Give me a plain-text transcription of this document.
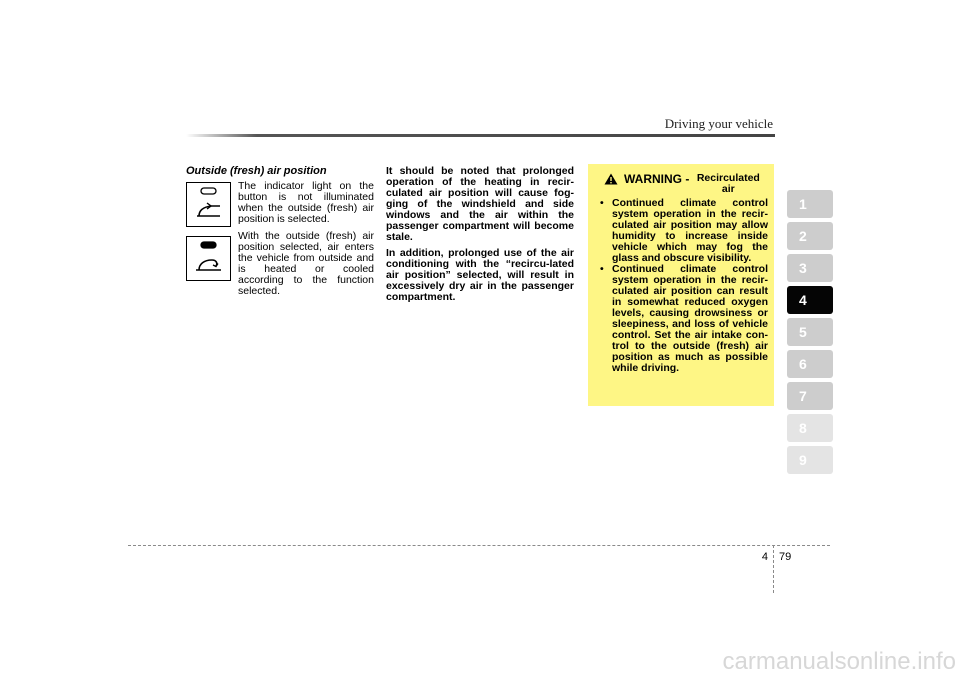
Driving your vehicle
Outside (fresh) air position

The indicator light on the button is not illuminated when the outside (fresh) air position is selected.

With the outside (fresh) air position selected, air enters the vehicle from outside and is heated or cooled according to the function selected.

It should be noted that prolonged operation of the heating in recir-culated air position will cause fog-ging of the windshield and side windows and the air within the passenger compartment will become stale.

In addition, prolonged use of the air conditioning with the “recircu-lated air position” selected, will result in excessively dry air in the passenger compartment.

WARNING - Recirculated air
• Continued climate control system operation in the recir-culated air position may allow humidity to increase inside vehicle which may fog the glass and obscure visibility.
• Continued climate control system operation in the recir-culated air position can result in somewhat reduced oxygen levels, causing drowsiness or sleepiness, and loss of vehicle control. Set the air intake con-trol to the outside (fresh) air position as much as possible while driving.
1
2
3
4
5
6
7
8
9
4 79
carmanualsonline.info
